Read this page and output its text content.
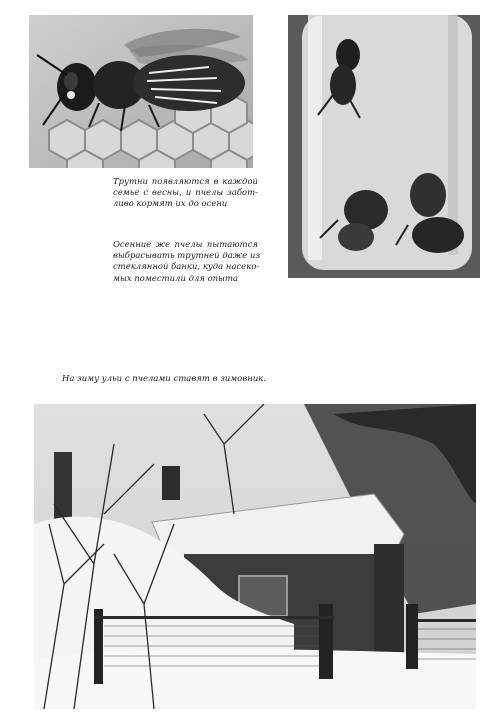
Трутни появляются в каждой
семье с весны, и пчелы забот-
ливо кормят их до осени
Осенние же пчелы пытаются
выбрасывать трутней даже из
стеклянной банки, куда насеко-
мых поместили для опыта
На зиму ульи с пчелами ставят в зимовник.
